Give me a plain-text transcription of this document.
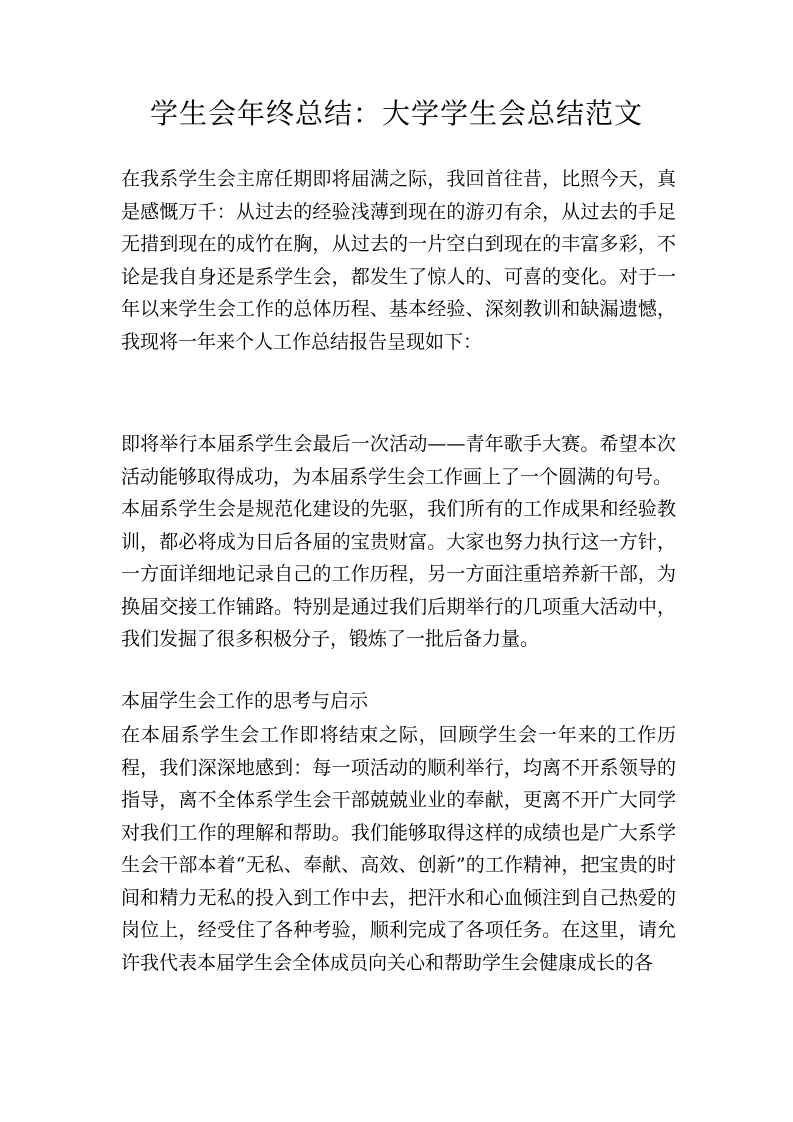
学生会年终总结：大学学生会总结范文

在我系学生会主席任期即将届满之际，我回首往昔，比照今天，真是感慨万千：从过去的经验浅薄到现在的游刃有余，从过去的手足无措到现在的成竹在胸，从过去的一片空白到现在的丰富多彩，不论是我自身还是系学生会，都发生了惊人的、可喜的变化。对于一年以来学生会工作的总体历程、基本经验、深刻教训和缺漏遗憾，我现将一年来个人工作总结报告呈现如下：

即将举行本届系学生会最后一次活动——青年歌手大赛。希望本次活动能够取得成功，为本届系学生会工作画上了一个圆满的句号。

本届系学生会是规范化建设的先驱，我们所有的工作成果和经验教训，都必将成为日后各届的宝贵财富。大家也努力执行这一方针，一方面详细地记录自己的工作历程，另一方面注重培养新干部，为换届交接工作铺路。特别是通过我们后期举行的几项重大活动中，我们发掘了很多积极分子，锻炼了一批后备力量。

本届学生会工作的思考与启示

在本届系学生会工作即将结束之际，回顾学生会一年来的工作历程，我们深深地感到：每一项活动的顺利举行，均离不开系领导的指导，离不全体系学生会干部兢兢业业的奉献，更离不开广大同学对我们工作的理解和帮助。我们能够取得这样的成绩也是广大系学生会干部本着“无私、奉献、高效、创新”的工作精神，把宝贵的时间和精力无私的投入到工作中去，把汗水和心血倾注到自己热爱的岗位上，经受住了各种考验，顺利完成了各项任务。在这里，请允许我代表本届学生会全体成员向关心和帮助学生会健康成长的各
